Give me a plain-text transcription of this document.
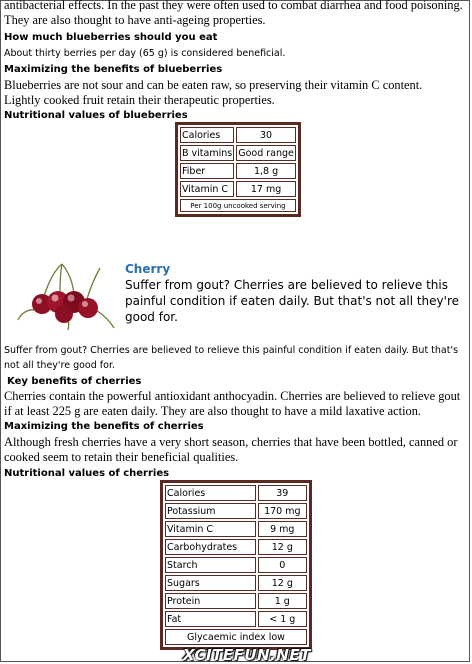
antibacterial effects. In the past they were often used to combat diarrhea and food poisoning. They are also thought to have anti-ageing properties.

How much blueberries should you eat
About thirty berries per day (65 g) is considered beneficial.
Maximizing the benefits of blueberries

Blueberries are not sour and can be eaten raw, so preserving their vitamin C content. Lightly cooked fruit retain their therapeutic properties.

Nutritional values of blueberries
Calories	30
B vitamins	Good range
Fiber	1,8 g
Vitamin C	17 mg
Per 100g uncooked serving	
Cherry

Suffer from gout? Cherries are believed to relieve this painful condition if eaten daily. But that's not all they're good for.

Suffer from gout? Cherries are believed to relieve this painful condition if eaten daily. But that's not all they're good for.

Key benefits of cherries

Cherries contain the powerful antioxidant anthocyadin. Cherries are believed to relieve gout if at least 225 g are eaten daily. They are also thought to have a mild laxative action.

Maximizing the benefits of cherries

Although fresh cherries have a very short season, cherries that have been bottled, canned or cooked seem to retain their beneficial qualities.

Nutritional values of cherries
Calories	39
Potassium	170 mg
Vitamin C	9 mg
Carbohydrates	12 g
Starch	0
Sugars	12 g
Protein	1 g
Fat	< 1 g
Glycaemic index low	
XCITEFUN.NET
